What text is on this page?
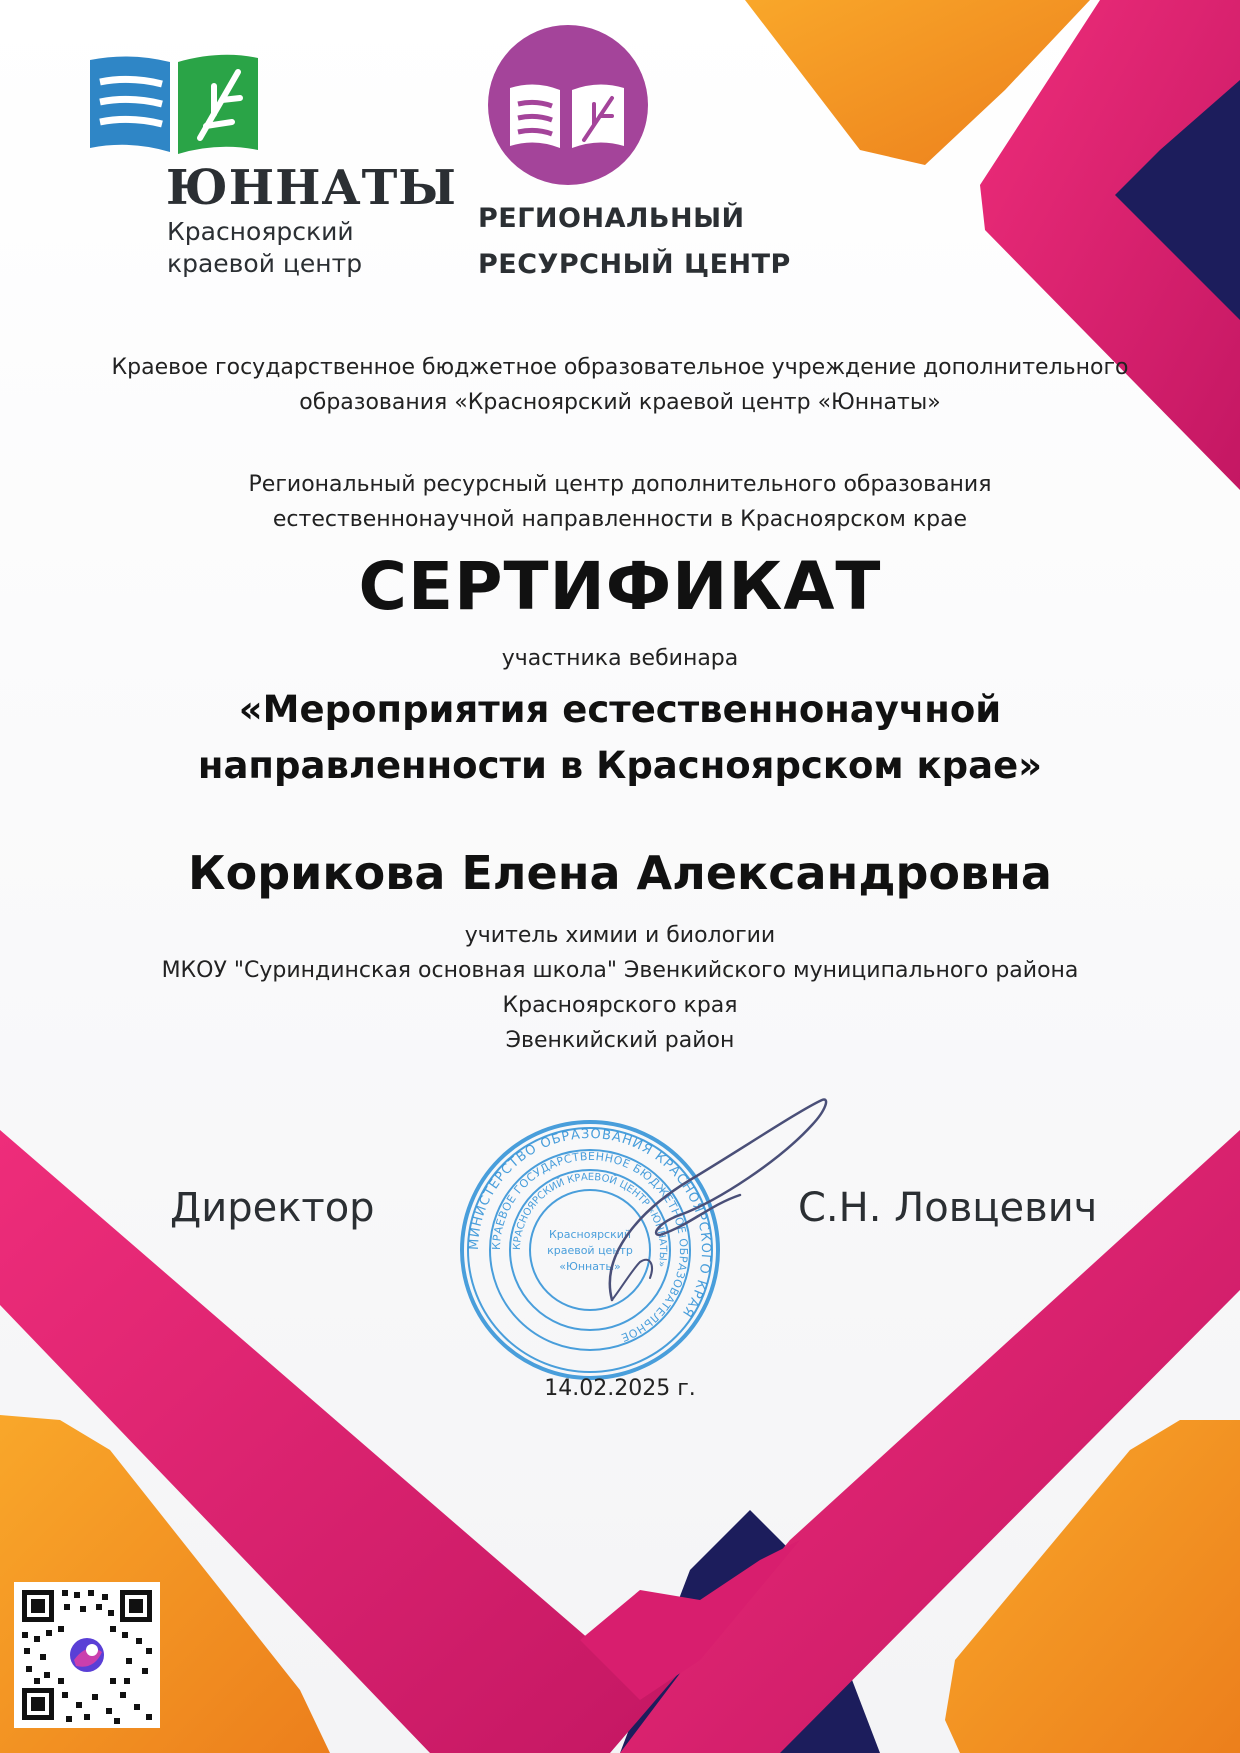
ЮННАТЫ
Красноярский
краевой центр
РЕГИОНАЛЬНЫЙ
РЕСУРСНЫЙ ЦЕНТР
Краевое государственное бюджетное образовательное учреждение дополнительного
образования «Красноярский краевой центр «Юннаты»
Региональный ресурсный центр дополнительного образования
естественнонаучной направленности в Красноярском крае
СЕРТИФИКАТ
участника вебинара
«Мероприятия естественнонаучной
направленности в Красноярском крае»
Корикова Елена Александровна
учитель химии и биологии
МКОУ "Суриндинская основная школа" Эвенкийского муниципального района
Красноярского края
Эвенкийский район
Директор	С.Н. Ловцевич
МИНИСТЕРСТВО ОБРАЗОВАНИЯ КРАСНОЯРСКОГО КРАЯ
КРАЕВОЕ ГОСУДАРСТВЕННОЕ БЮДЖЕТНОЕ ОБРАЗОВАТЕЛЬНОЕ
КРАСНОЯРСКИЙ КРАЕВОЙ ЦЕНТР «ЮННАТЫ»
Красноярский
краевой центр
«Юннаты»
14.02.2025 г.
